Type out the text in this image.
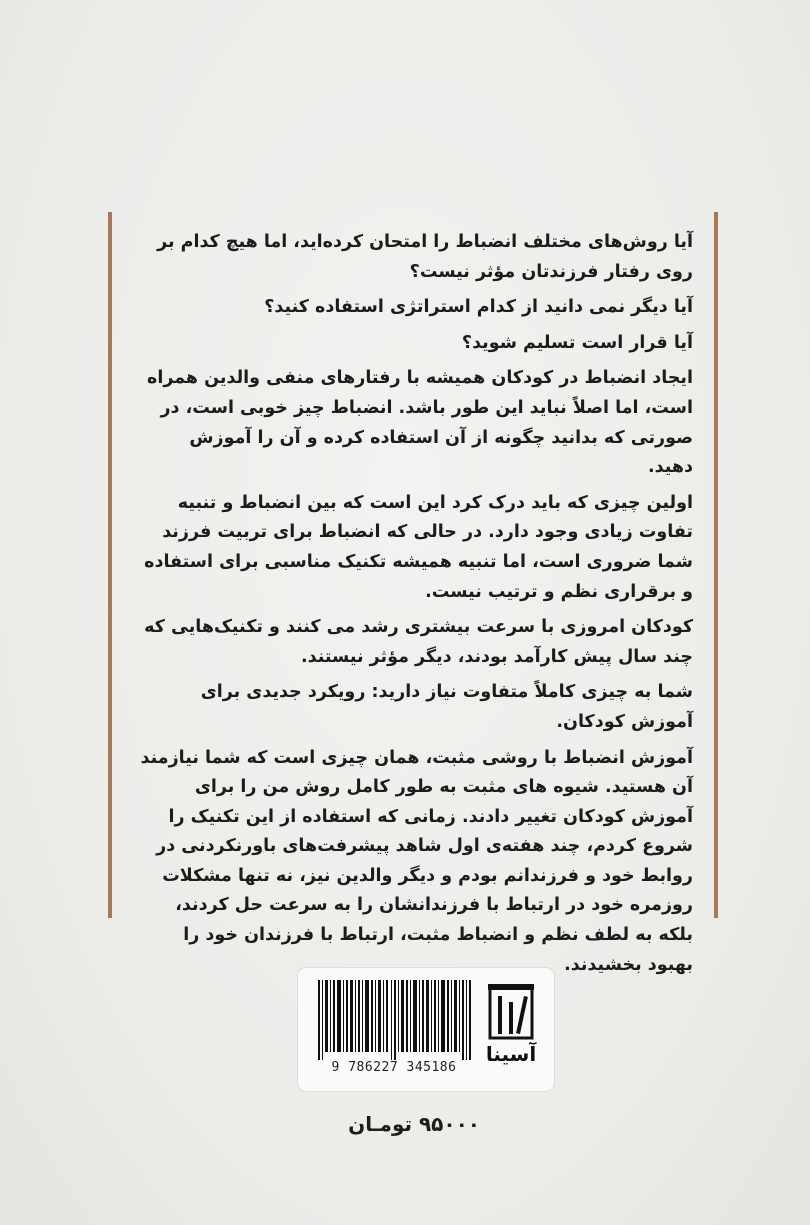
آیا روش‌های مختلف انضباط را امتحان کرده‌اید، اما هیچ کدام بر روی رفتار فرزندتان مؤثر نیست؟

آیا دیگر نمی دانید از کدام استراتژی استفاده کنید؟

آیا قرار است تسلیم شوید؟

ایجاد انضباط در کودکان همیشه با رفتارهای منفی والدین همراه است، اما اصلاً نباید این طور باشد. انضباط چیز خوبی است، در صورتی که بدانید چگونه از آن استفاده کرده و آن را آموزش دهید.

اولین چیزی که باید درک کرد این است که بین انضباط و تنبیه تفاوت زیادی وجود دارد. در حالی که انضباط برای تربیت فرزند شما ضروری است، اما تنبیه همیشه تکنیک مناسبی برای استفاده و برقراری نظم و ترتیب نیست.

کودکان امروزی با سرعت بیشتری رشد می کنند و تکنیک‌هایی که چند سال پیش کارآمد بودند، دیگر مؤثر نیستند.

شما به چیزی کاملاً متفاوت نیاز دارید: رویکرد جدیدی برای آموزش کودکان.

آموزش انضباط با روشی مثبت، همان چیزی است که شما نیازمند آن هستید. شیوه های مثبت به طور کامل روش من را برای آموزش کودکان تغییر دادند. زمانی که استفاده از این تکنیک را شروع کردم، چند هفته‌ی اول شاهد پیشرفت‌های باورنکردنی در روابط خود و فرزندانم بودم و دیگر والدین نیز، نه تنها مشکلات روزمره خود در ارتباط با فرزندانشان را به سرعت حل کردند، بلکه به لطف نظم و انضباط مثبت، ارتباط با فرزندان خود را بهبود بخشیدند.

9 786227 345186
آسینا
۹۵۰۰۰ تومـان
